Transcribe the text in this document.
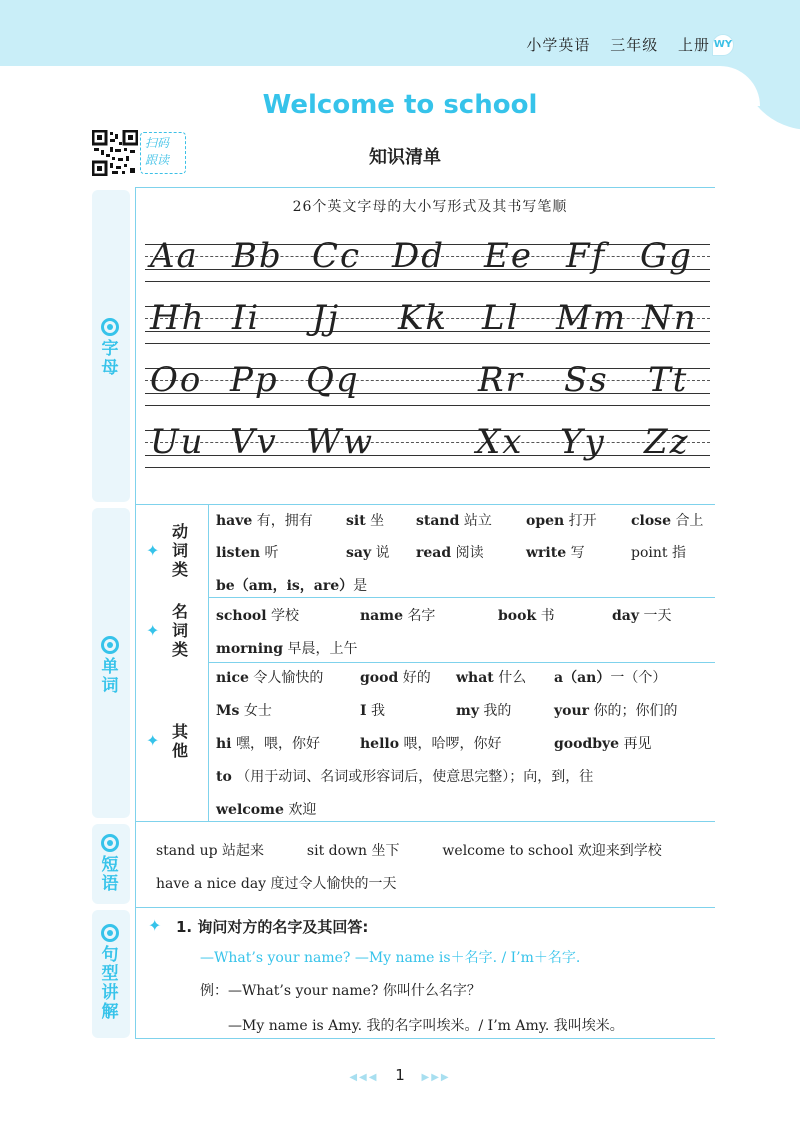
小学英语 三年级 上册 WY
Welcome to school
扫码
跟读	知识清单
字母
单词
短语
句型讲解
26个英文字母的大小写形式及其书写笔顺
Aa Bb Cc Dd Ee Ff Gg
Hh Ii Jj Kk Ll Mm Nn
Oo Pp Qq	Rr Ss Tt
Uu Vv Ww	Xx Yy Zz
✦
动词类
✦
名词类
✦ 其他
have 有，拥有 sit 坐 stand 站立 open 打开 close 合上
listen 听	say 说 read 阅读	write 写	point 指
be（am，is，are）是
school 学校	name 名字	book 书	day 一天
morning 早晨，上午
nice 令人愉快的	good 好的 what 什么 a（an）一（个）
Ms 女士	I 我	my 我的	your 你的；你们的
hi 嘿，喂，你好	hello 喂，哈啰，你好	goodbye 再见
to （用于动词、名词或形容词后，使意思完整）；向，到，往
welcome 欢迎
stand up 站起来	sit down 坐下	welcome to school 欢迎来到学校
have a nice day 度过令人愉快的一天
✦ 1. 询问对方的名字及其回答:
—What’s your name? —My name is＋名字. / I’m＋名字.
例：—What’s your name? 你叫什么名字？
—My name is Amy. 我的名字叫埃米。/ I’m Amy. 我叫埃米。
◀◀◀ 1 ▶▶▶
